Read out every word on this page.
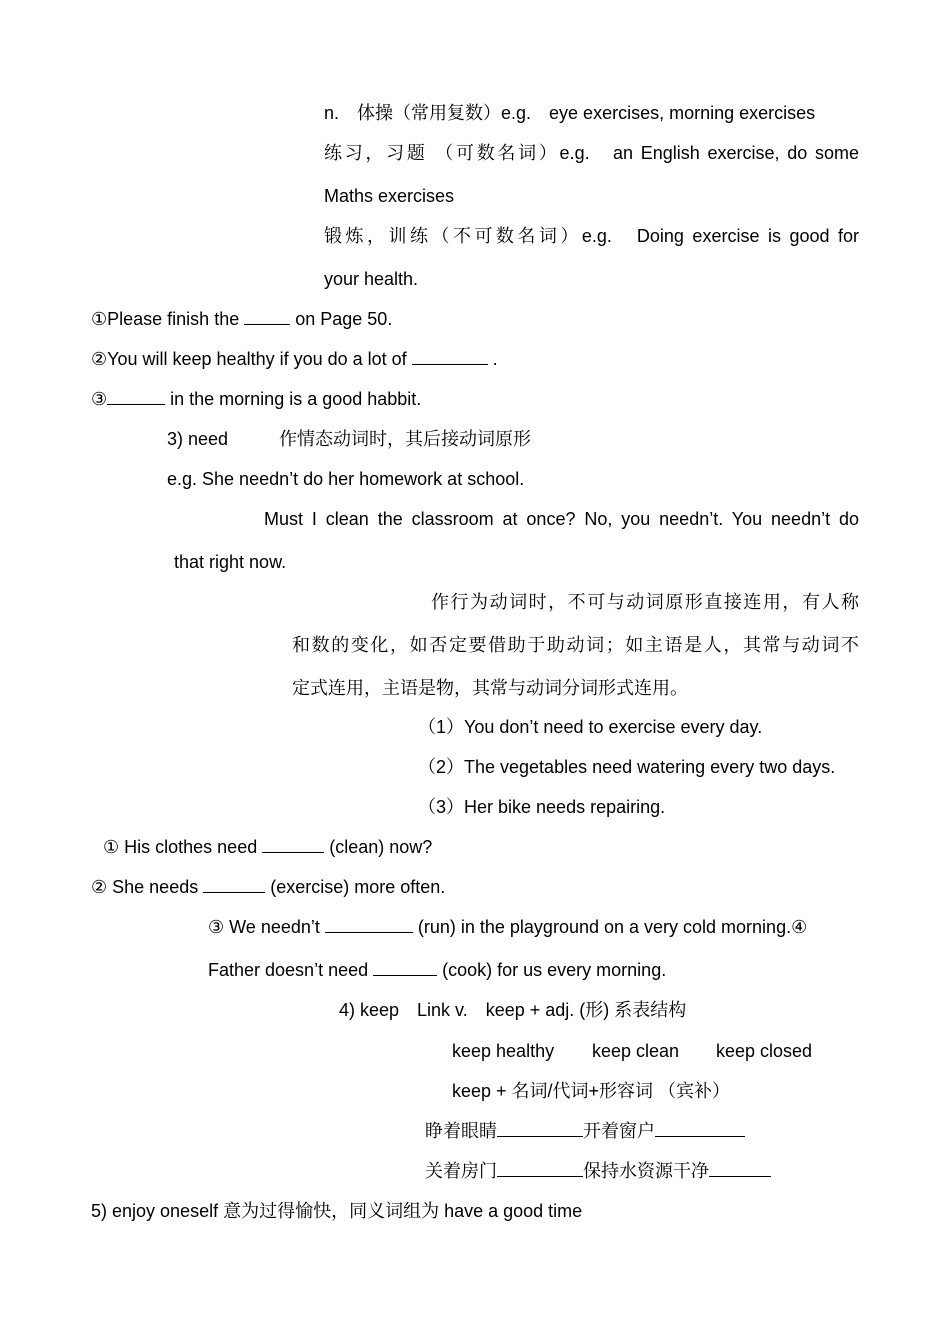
n.　体操（常用复数）e.g.　eye exercises, morning exercises
练习，习题 （可数名词）e.g.　an English exercise, do some
Maths exercises
锻炼，训练（不可数名词）e.g.　Doing exercise is good for
your health.
①Please finish the	on Page 50.
②You will keep healthy if you do a lot of	.
③	in the morning is a good habbit.
3) need	作情态动词时，其后接动词原形
e.g. She needn’t do her homework at school.
Must I clean the classroom at once? No, you needn’t. You needn’t do
that right now.
作行为动词时，不可与动词原形直接连用，有人称
和数的变化，如否定要借助于助动词；如主语是人，其常与动词不
定式连用，主语是物，其常与动词分词形式连用。
（1）You don’t need to exercise every day.
（2）The vegetables need watering every two days.
（3）Her bike needs repairing.
① His clothes need	(clean) now?
② She needs	(exercise) more often.
③ We needn’t	(run) in the playground on a very cold morning.④
Father doesn’t need	(cook) for us every morning.
4) keep　Link v.　keep + adj. (形) 系表结构
keep healthy keep clean keep closed
keep + 名词/代词+形容词 （宾补）
睁着眼睛	开着窗户
关着房门	保持水资源干净
5) enjoy oneself 意为过得愉快，同义词组为 have a good time
